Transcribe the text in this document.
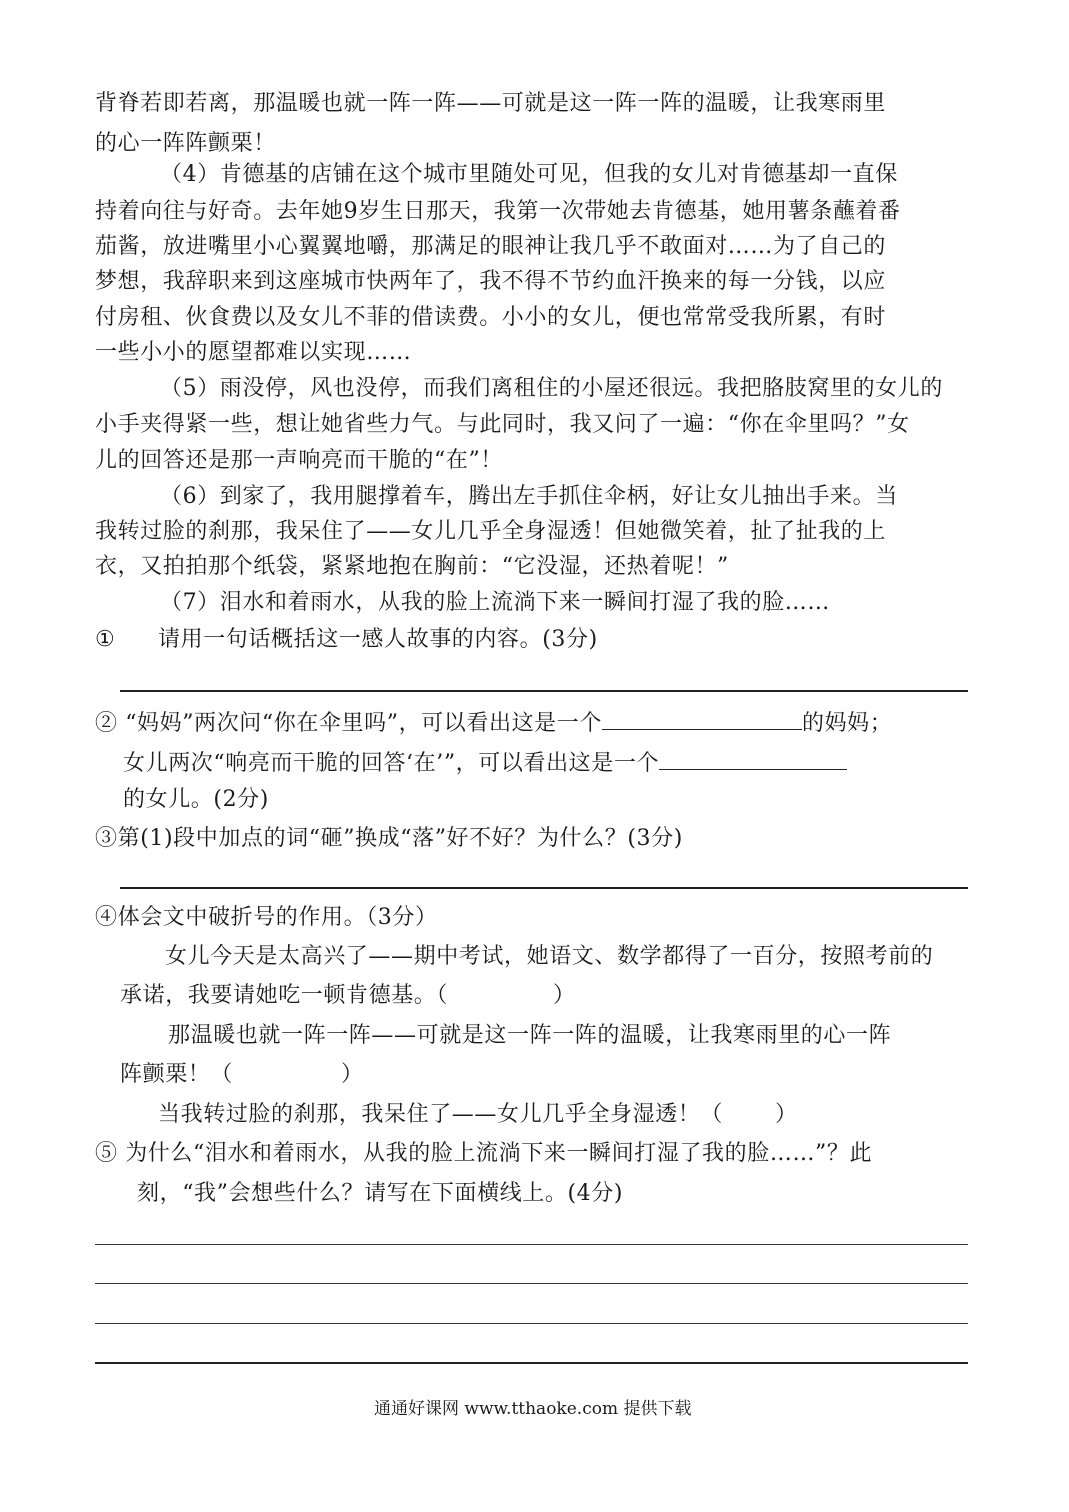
背脊若即若离，那温暖也就一阵一阵——可就是这一阵一阵的温暖，让我寒雨里
的心一阵阵颤栗！
（4）肯德基的店铺在这个城市里随处可见，但我的女儿对肯德基却一直保
持着向往与好奇。去年她9岁生日那天，我第一次带她去肯德基，她用薯条蘸着番
茄酱，放进嘴里小心翼翼地嚼，那满足的眼神让我几乎不敢面对……为了自己的
梦想，我辞职来到这座城市快两年了，我不得不节约血汗换来的每一分钱，以应
付房租、伙食费以及女儿不菲的借读费。小小的女儿，便也常常受我所累，有时
一些小小的愿望都难以实现……
（5）雨没停，风也没停，而我们离租住的小屋还很远。我把胳肢窝里的女儿的
小手夹得紧一些，想让她省些力气。与此同时，我又问了一遍：“你在伞里吗？”女
儿的回答还是那一声响亮而干脆的“在”！
（6）到家了，我用腿撑着车，腾出左手抓住伞柄，好让女儿抽出手来。当
我转过脸的刹那，我呆住了——女儿几乎全身湿透！但她微笑着，扯了扯我的上
衣，又拍拍那个纸袋，紧紧地抱在胸前：“它没湿，还热着呢！”
（7）泪水和着雨水，从我的脸上流淌下来一瞬间打湿了我的脸……
① 请用一句话概括这一感人故事的内容。(3分)
② “妈妈”两次问“你在伞里吗”，可以看出这是一个	的妈妈；
女儿两次“响亮而干脆的回答‘在’”，可以看出这是一个
的女儿。(2分)
③第(1)段中加点的词“砸”换成“落”好不好？为什么？(3分)
④体会文中破折号的作用。（3分）
女儿今天是太高兴了——期中考试，她语文、数学都得了一百分，按照考前的
承诺，我要请她吃一顿肯德基。（	）
那温暖也就一阵一阵——可就是这一阵一阵的温暖，让我寒雨里的心一阵
阵颤栗！（	）
当我转过脸的刹那，我呆住了——女儿几乎全身湿透！（ ）
⑤ 为什么“泪水和着雨水，从我的脸上流淌下来一瞬间打湿了我的脸……”？此
刻，“我”会想些什么？请写在下面横线上。(4分)
通通好课网 www.tthaoke.com 提供下载
